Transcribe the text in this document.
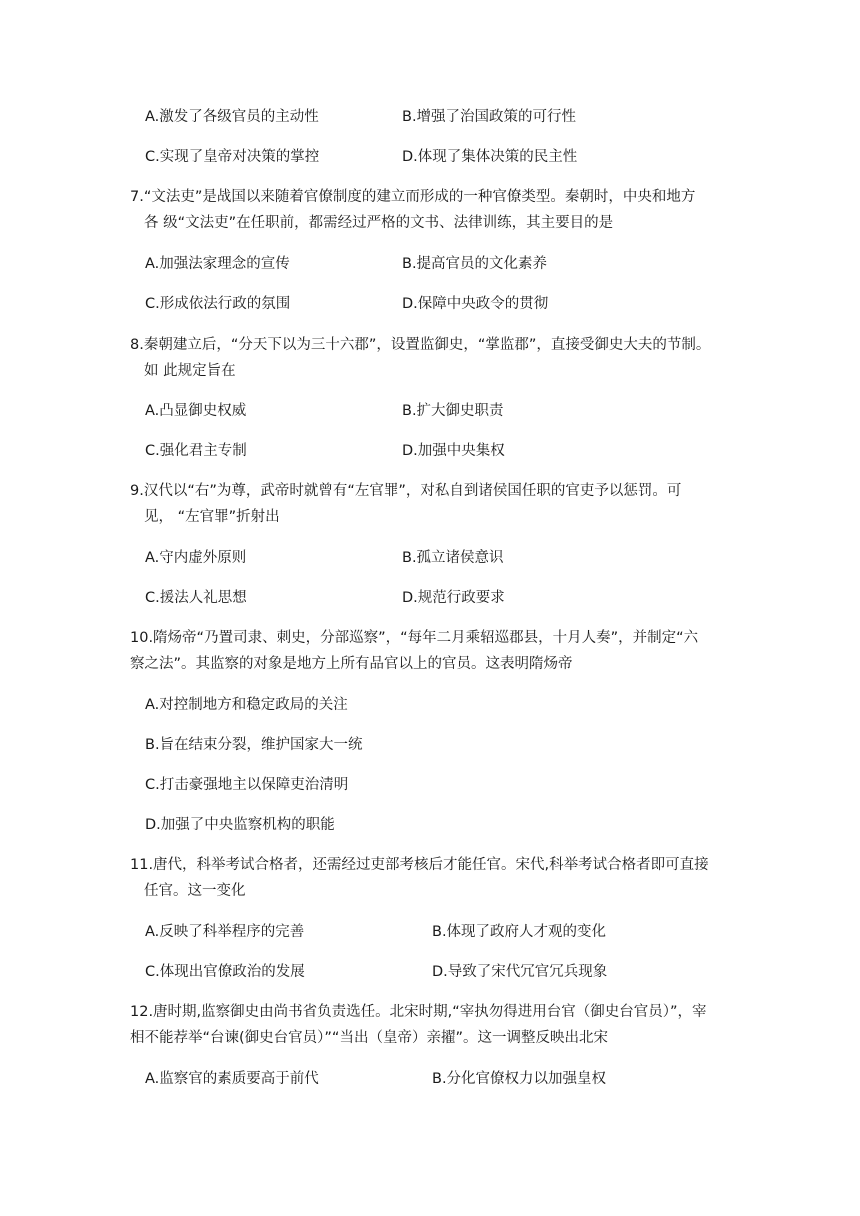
A.激发了各级官员的主动性	B.增强了治国政策的可行性
C.实现了皇帝对决策的掌控	D.体现了集体决策的民主性
7.“文法吏”是战国以来随着官僚制度的建立而形成的一种官僚类型。秦朝时，中央和地方
各 级“文法吏”在任职前，都需经过严格的文书、法律训练，其主要目的是
A.加强法家理念的宣传	B.提高官员的文化素养
C.形成依法行政的氛围	D.保障中央政令的贯彻
8.秦朝建立后，“分天下以为三十六郡”，设置监御史，“掌监郡”，直接受御史大夫的节制。
如 此规定旨在
A.凸显御史权威	B.扩大御史职责
C.强化君主专制	D.加强中央集权
9.汉代以“右”为尊，武帝时就曾有“左官罪”，对私自到诸侯国任职的官吏予以惩罚。可
见， “左官罪”折射出
A.守内虚外原则	B.孤立诸侯意识
C.援法人礼思想	D.规范行政要求
10.隋炀帝“乃置司隶、刺史，分部巡察”，“每年二月乘轺巡郡县，十月人奏”，并制定“六
察之法”。其监察的对象是地方上所有品官以上的官员。这表明隋炀帝
A.对控制地方和稳定政局的关注
B.旨在结束分裂，维护国家大一统
C.打击豪强地主以保障吏治清明
D.加强了中央监察机构的职能
11.唐代，科举考试合格者，还需经过吏部考核后才能任官。宋代,科举考试合格者即可直接
任官。这一变化
A.反映了科举程序的完善	B.体现了政府人才观的变化
C.体现出官僚政治的发展	D.导致了宋代冗官冗兵现象
12.唐时期,监察御史由尚书省负责选任。北宋时期,“宰执勿得进用台官（御史台官员）”，宰
相不能荐举“台谏(御史台官员）”“当出（皇帝）亲擢”。这一调整反映出北宋
A.监察官的素质要高于前代	B.分化官僚权力以加强皇权
